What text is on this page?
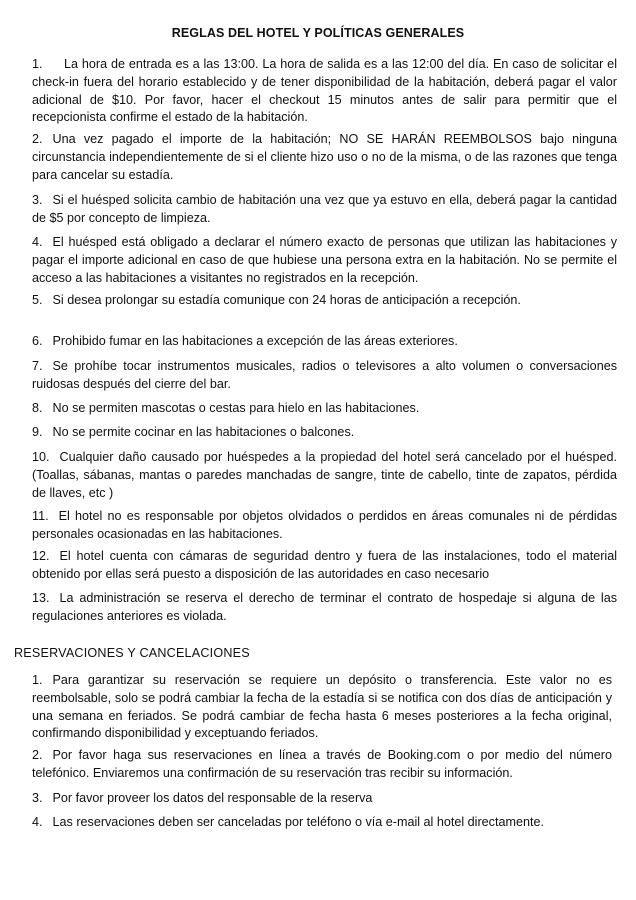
REGLAS DEL HOTEL Y POLÍTICAS GENERALES
1. La hora de entrada es a las 13:00. La hora de salida es a las 12:00 del día. En caso de solicitar el check-in fuera del horario establecido y de tener disponibilidad de la habitación, deberá pagar el valor adicional de $10. Por favor, hacer el checkout 15 minutos antes de salir para permitir que el recepcionista confirme el estado de la habitación.
2. Una vez pagado el importe de la habitación; NO SE HARÁN REEMBOLSOS bajo ninguna circunstancia independientemente de si el cliente hizo uso o no de la misma, o de las razones que tenga para cancelar su estadía.
3. Si el huésped solicita cambio de habitación una vez que ya estuvo en ella, deberá pagar la cantidad de $5 por concepto de limpieza.
4. El huésped está obligado a declarar el número exacto de personas que utilizan las habitaciones y pagar el importe adicional en caso de que hubiese una persona extra en la habitación. No se permite el acceso a las habitaciones a visitantes no registrados en la recepción.
5. Si desea prolongar su estadía comunique con 24 horas de anticipación a recepción.
6. Prohibido fumar en las habitaciones a excepción de las áreas exteriores.
7. Se prohíbe tocar instrumentos musicales, radios o televisores a alto volumen o conversaciones ruidosas después del cierre del bar.
8. No se permiten mascotas o cestas para hielo en las habitaciones.
9. No se permite cocinar en las habitaciones o balcones.
10. Cualquier daño causado por huéspedes a la propiedad del hotel será cancelado por el huésped. (Toallas, sábanas, mantas o paredes manchadas de sangre, tinte de cabello, tinte de zapatos, pérdida de llaves, etc )
11. El hotel no es responsable por objetos olvidados o perdidos en áreas comunales ni de pérdidas personales ocasionadas en las habitaciones.
12. El hotel cuenta con cámaras de seguridad dentro y fuera de las instalaciones, todo el material obtenido por ellas será puesto a disposición de las autoridades en caso necesario
13. La administración se reserva el derecho de terminar el contrato de hospedaje si alguna de las regulaciones anteriores es violada.
RESERVACIONES Y CANCELACIONES
1. Para garantizar su reservación se requiere un depósito o transferencia. Este valor no es reembolsable, solo se podrá cambiar la fecha de la estadía si se notifica con dos días de anticipación y una semana en feriados. Se podrá cambiar de fecha hasta 6 meses posteriores a la fecha original, confirmando disponibilidad y exceptuando feriados.
2. Por favor haga sus reservaciones en línea a través de Booking.com o por medio del número telefónico. Enviaremos una confirmación de su reservación tras recibir su información.
3. Por favor proveer los datos del responsable de la reserva
4. Las reservaciones deben ser canceladas por teléfono o vía e-mail al hotel directamente.
